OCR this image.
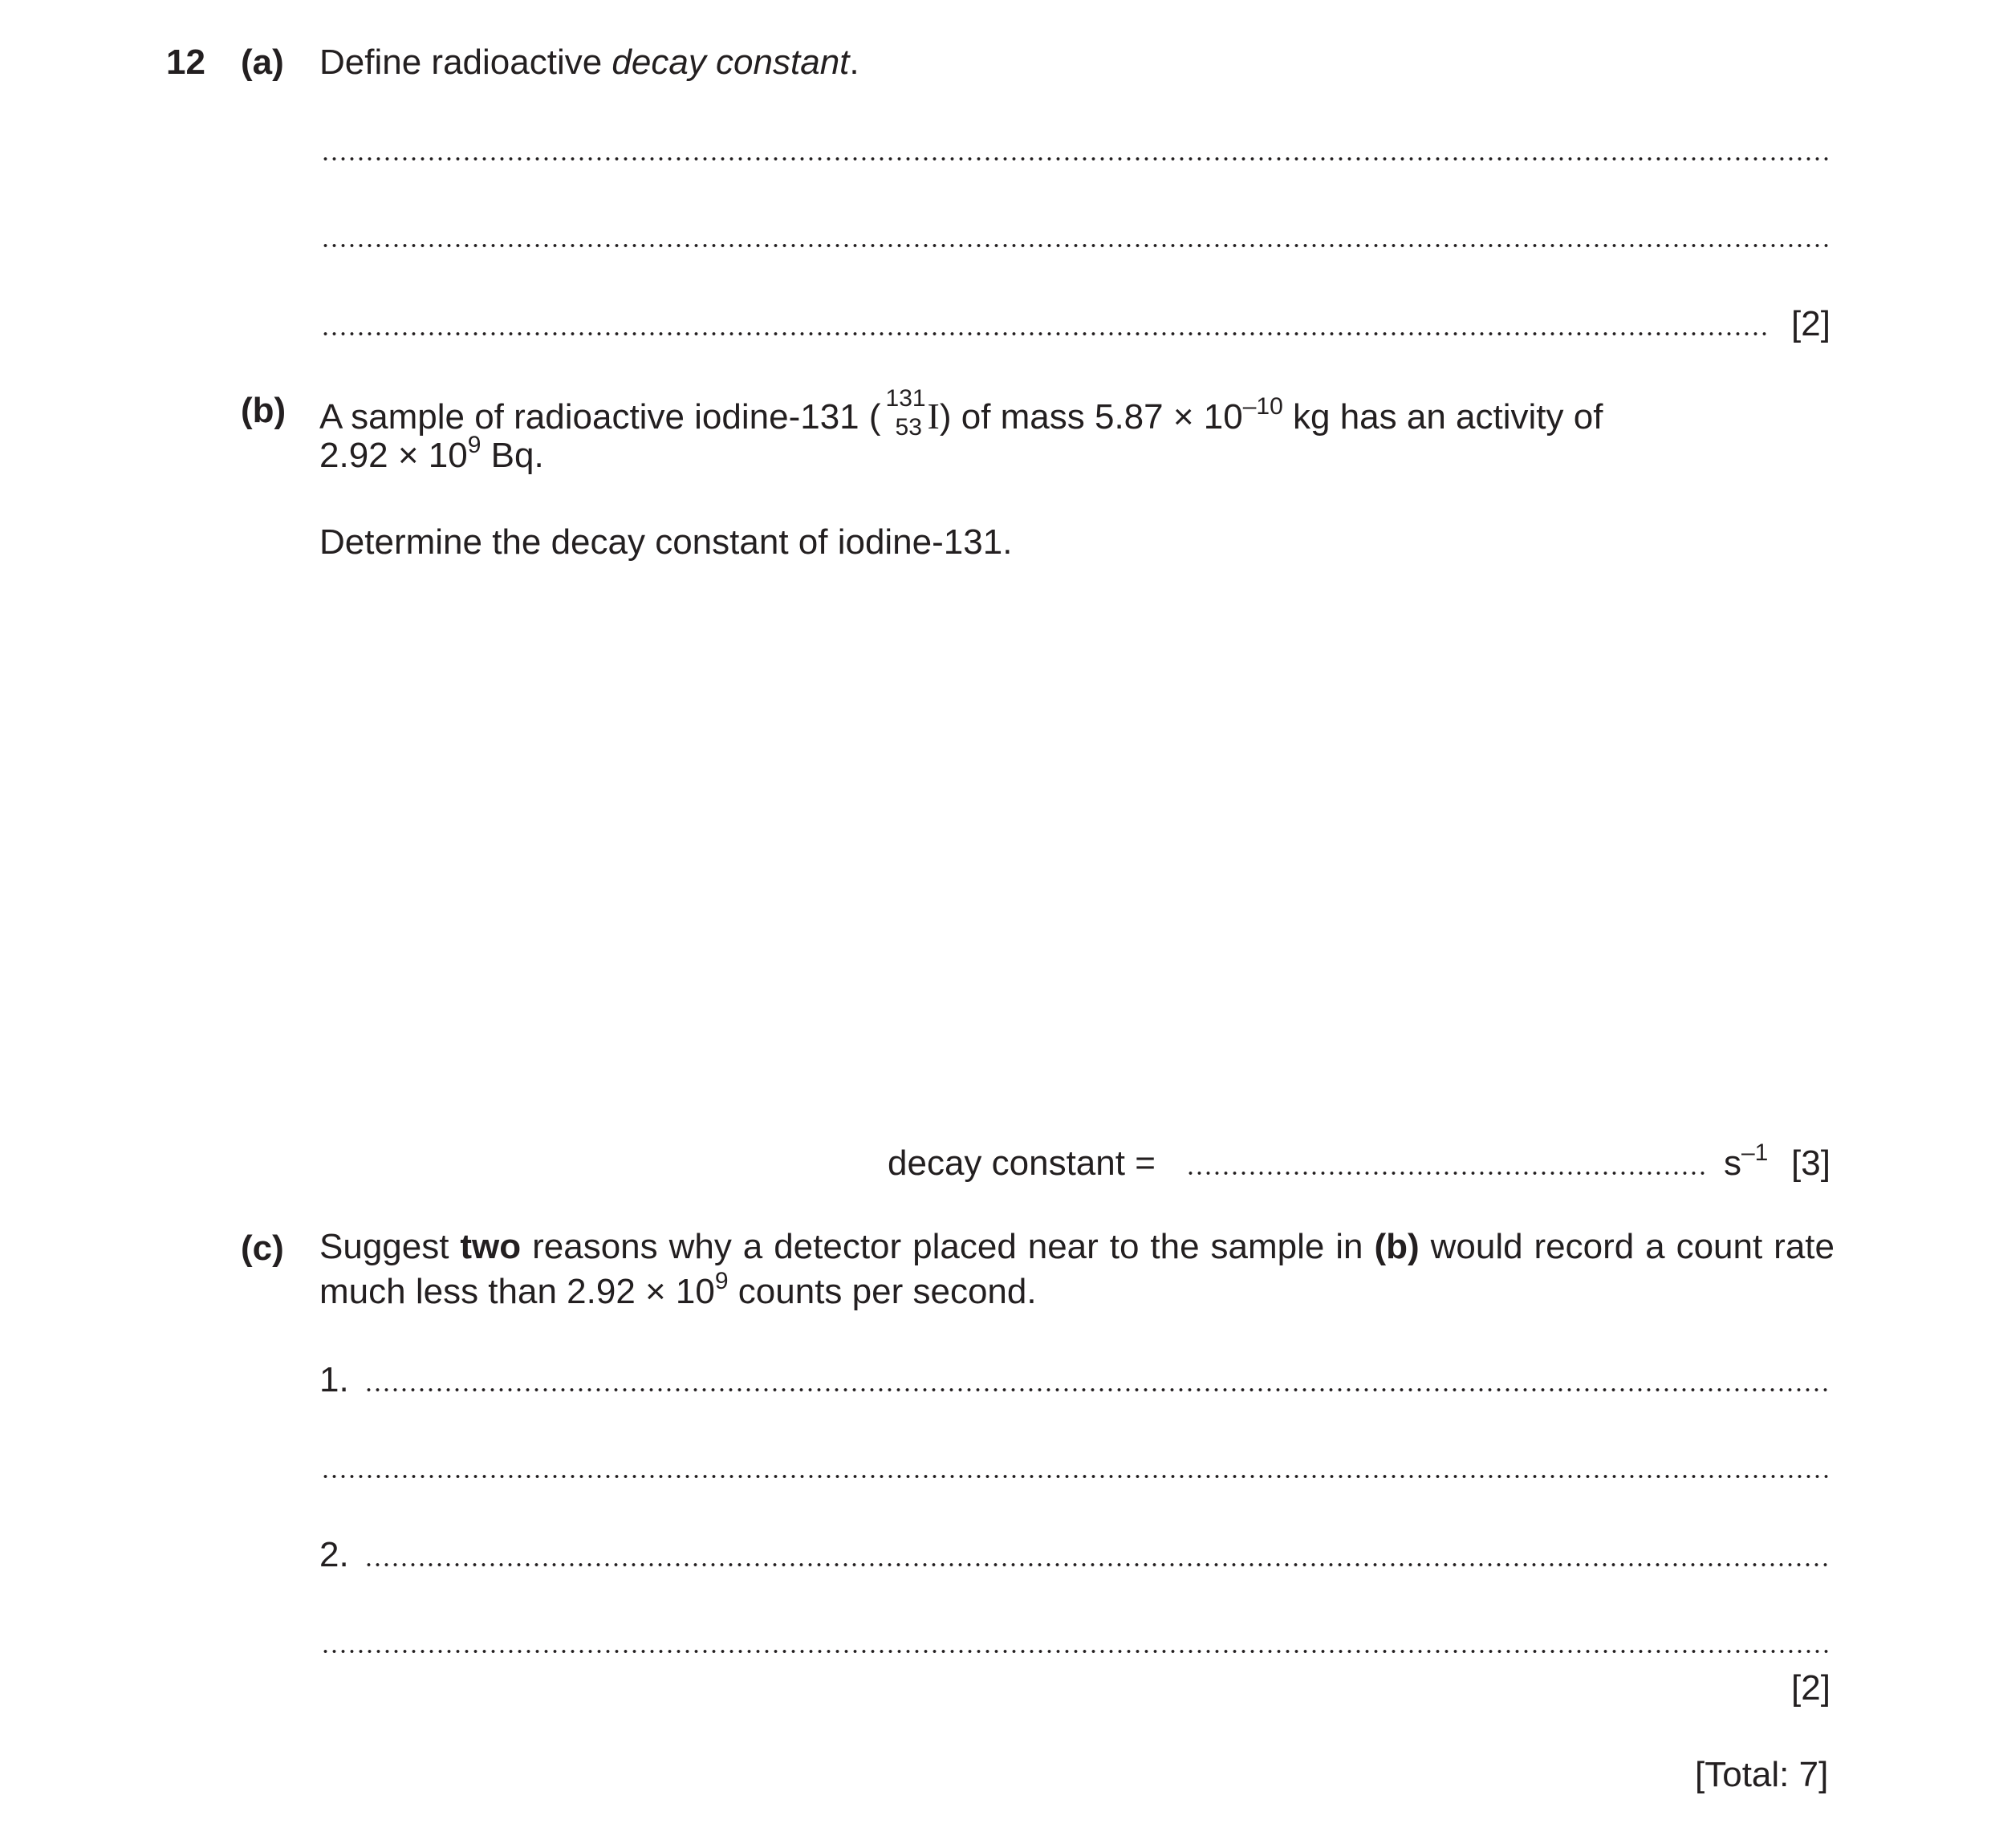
12 (a) Define radioactive decay constant.
[2]
(b) A sample of radioactive iodine-131 ( 131
53 I) of mass $5.87 \times 10^{-10}$ kg has an activity of
$2.92 \times 10^9$ Bq.
Determine the decay constant of iodine-131.
decay constant =	$s^{-1}$ [3]
(c) Suggest two reasons why a detector placed near to the sample in (b) would record a count rate much less than $2.92 \times 10^9$ counts per second.
1.
2.
[2]
[Total: 7]
